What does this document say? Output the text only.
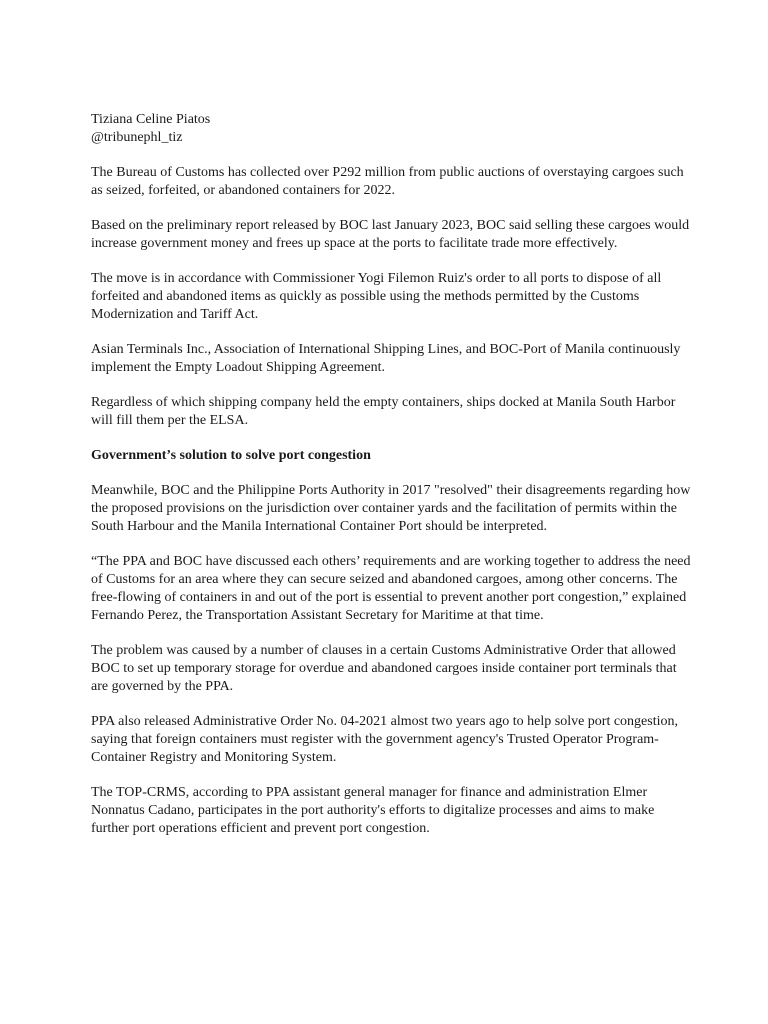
Tiziana Celine Piatos
@tribunephl_tiz

The Bureau of Customs has collected over P292 million from public auctions of overstaying cargoes such as seized, forfeited, or abandoned containers for 2022.

Based on the preliminary report released by BOC last January 2023, BOC said selling these cargoes would increase government money and frees up space at the ports to facilitate trade more effectively.

The move is in accordance with Commissioner Yogi Filemon Ruiz's order to all ports to dispose of all forfeited and abandoned items as quickly as possible using the methods permitted by the Customs Modernization and Tariff Act.

Asian Terminals Inc., Association of International Shipping Lines, and BOC-Port of Manila continuously implement the Empty Loadout Shipping Agreement.

Regardless of which shipping company held the empty containers, ships docked at Manila South Harbor will fill them per the ELSA.

Government’s solution to solve port congestion

Meanwhile, BOC and the Philippine Ports Authority in 2017 "resolved" their disagreements regarding how the proposed provisions on the jurisdiction over container yards and the facilitation of permits within the South Harbour and the Manila International Container Port should be interpreted.

“The PPA and BOC have discussed each others’ requirements and are working together to address the need of Customs for an area where they can secure seized and abandoned cargoes, among other concerns. The free-flowing of containers in and out of the port is essential to prevent another port congestion,” explained Fernando Perez, the Transportation Assistant Secretary for Maritime at that time.

The problem was caused by a number of clauses in a certain Customs Administrative Order that allowed BOC to set up temporary storage for overdue and abandoned cargoes inside container port terminals that are governed by the PPA.

PPA also released Administrative Order No. 04-2021 almost two years ago to help solve port congestion, saying that foreign containers must register with the government agency's Trusted Operator Program-Container Registry and Monitoring System.

The TOP-CRMS, according to PPA assistant general manager for finance and administration Elmer Nonnatus Cadano, participates in the port authority's efforts to digitalize processes and aims to make further port operations efficient and prevent port congestion.
